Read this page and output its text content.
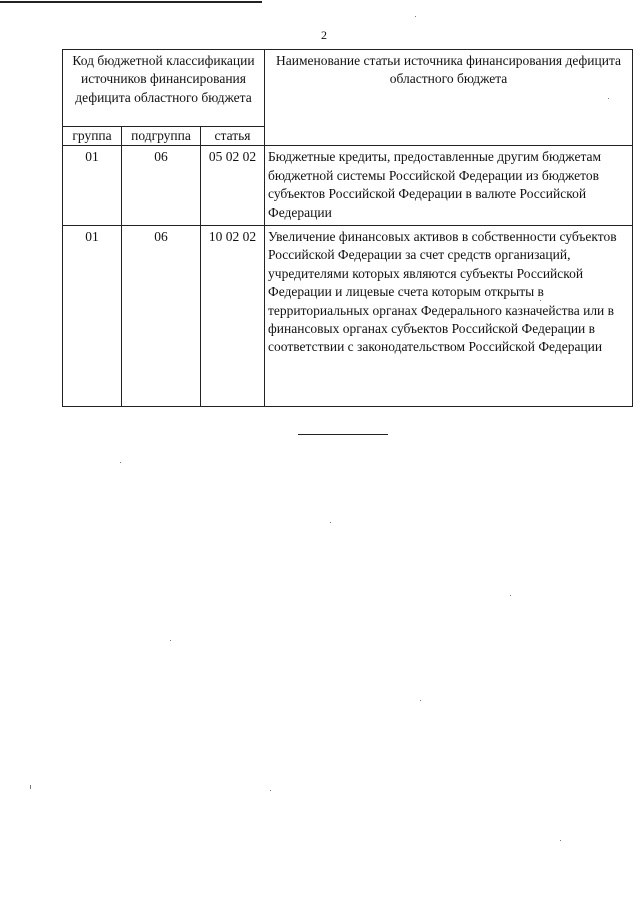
2
Код бюджетной классификации источников финансирования дефицита областного бюджета			Наименование статьи источника финансирования дефицита областного бюджета
группа	подгруппа	статья	
01	06	05 02 02	Бюджетные кредиты, предоставленные другим бюджетам бюджетной системы Российской Федерации из бюджетов субъектов Российской Федерации в валюте Российской Федерации
01	06	10 02 02	Увеличение финансовых активов в собственности субъектов Российской Федерации за счет средств организаций, учредителями которых являются субъекты Российской Федерации и лицевые счета которым открыты в территориальных органах Федерального казначейства или в финансовых органах субъектов Российской Федерации в соответствии с законодательством Российской Федерации
